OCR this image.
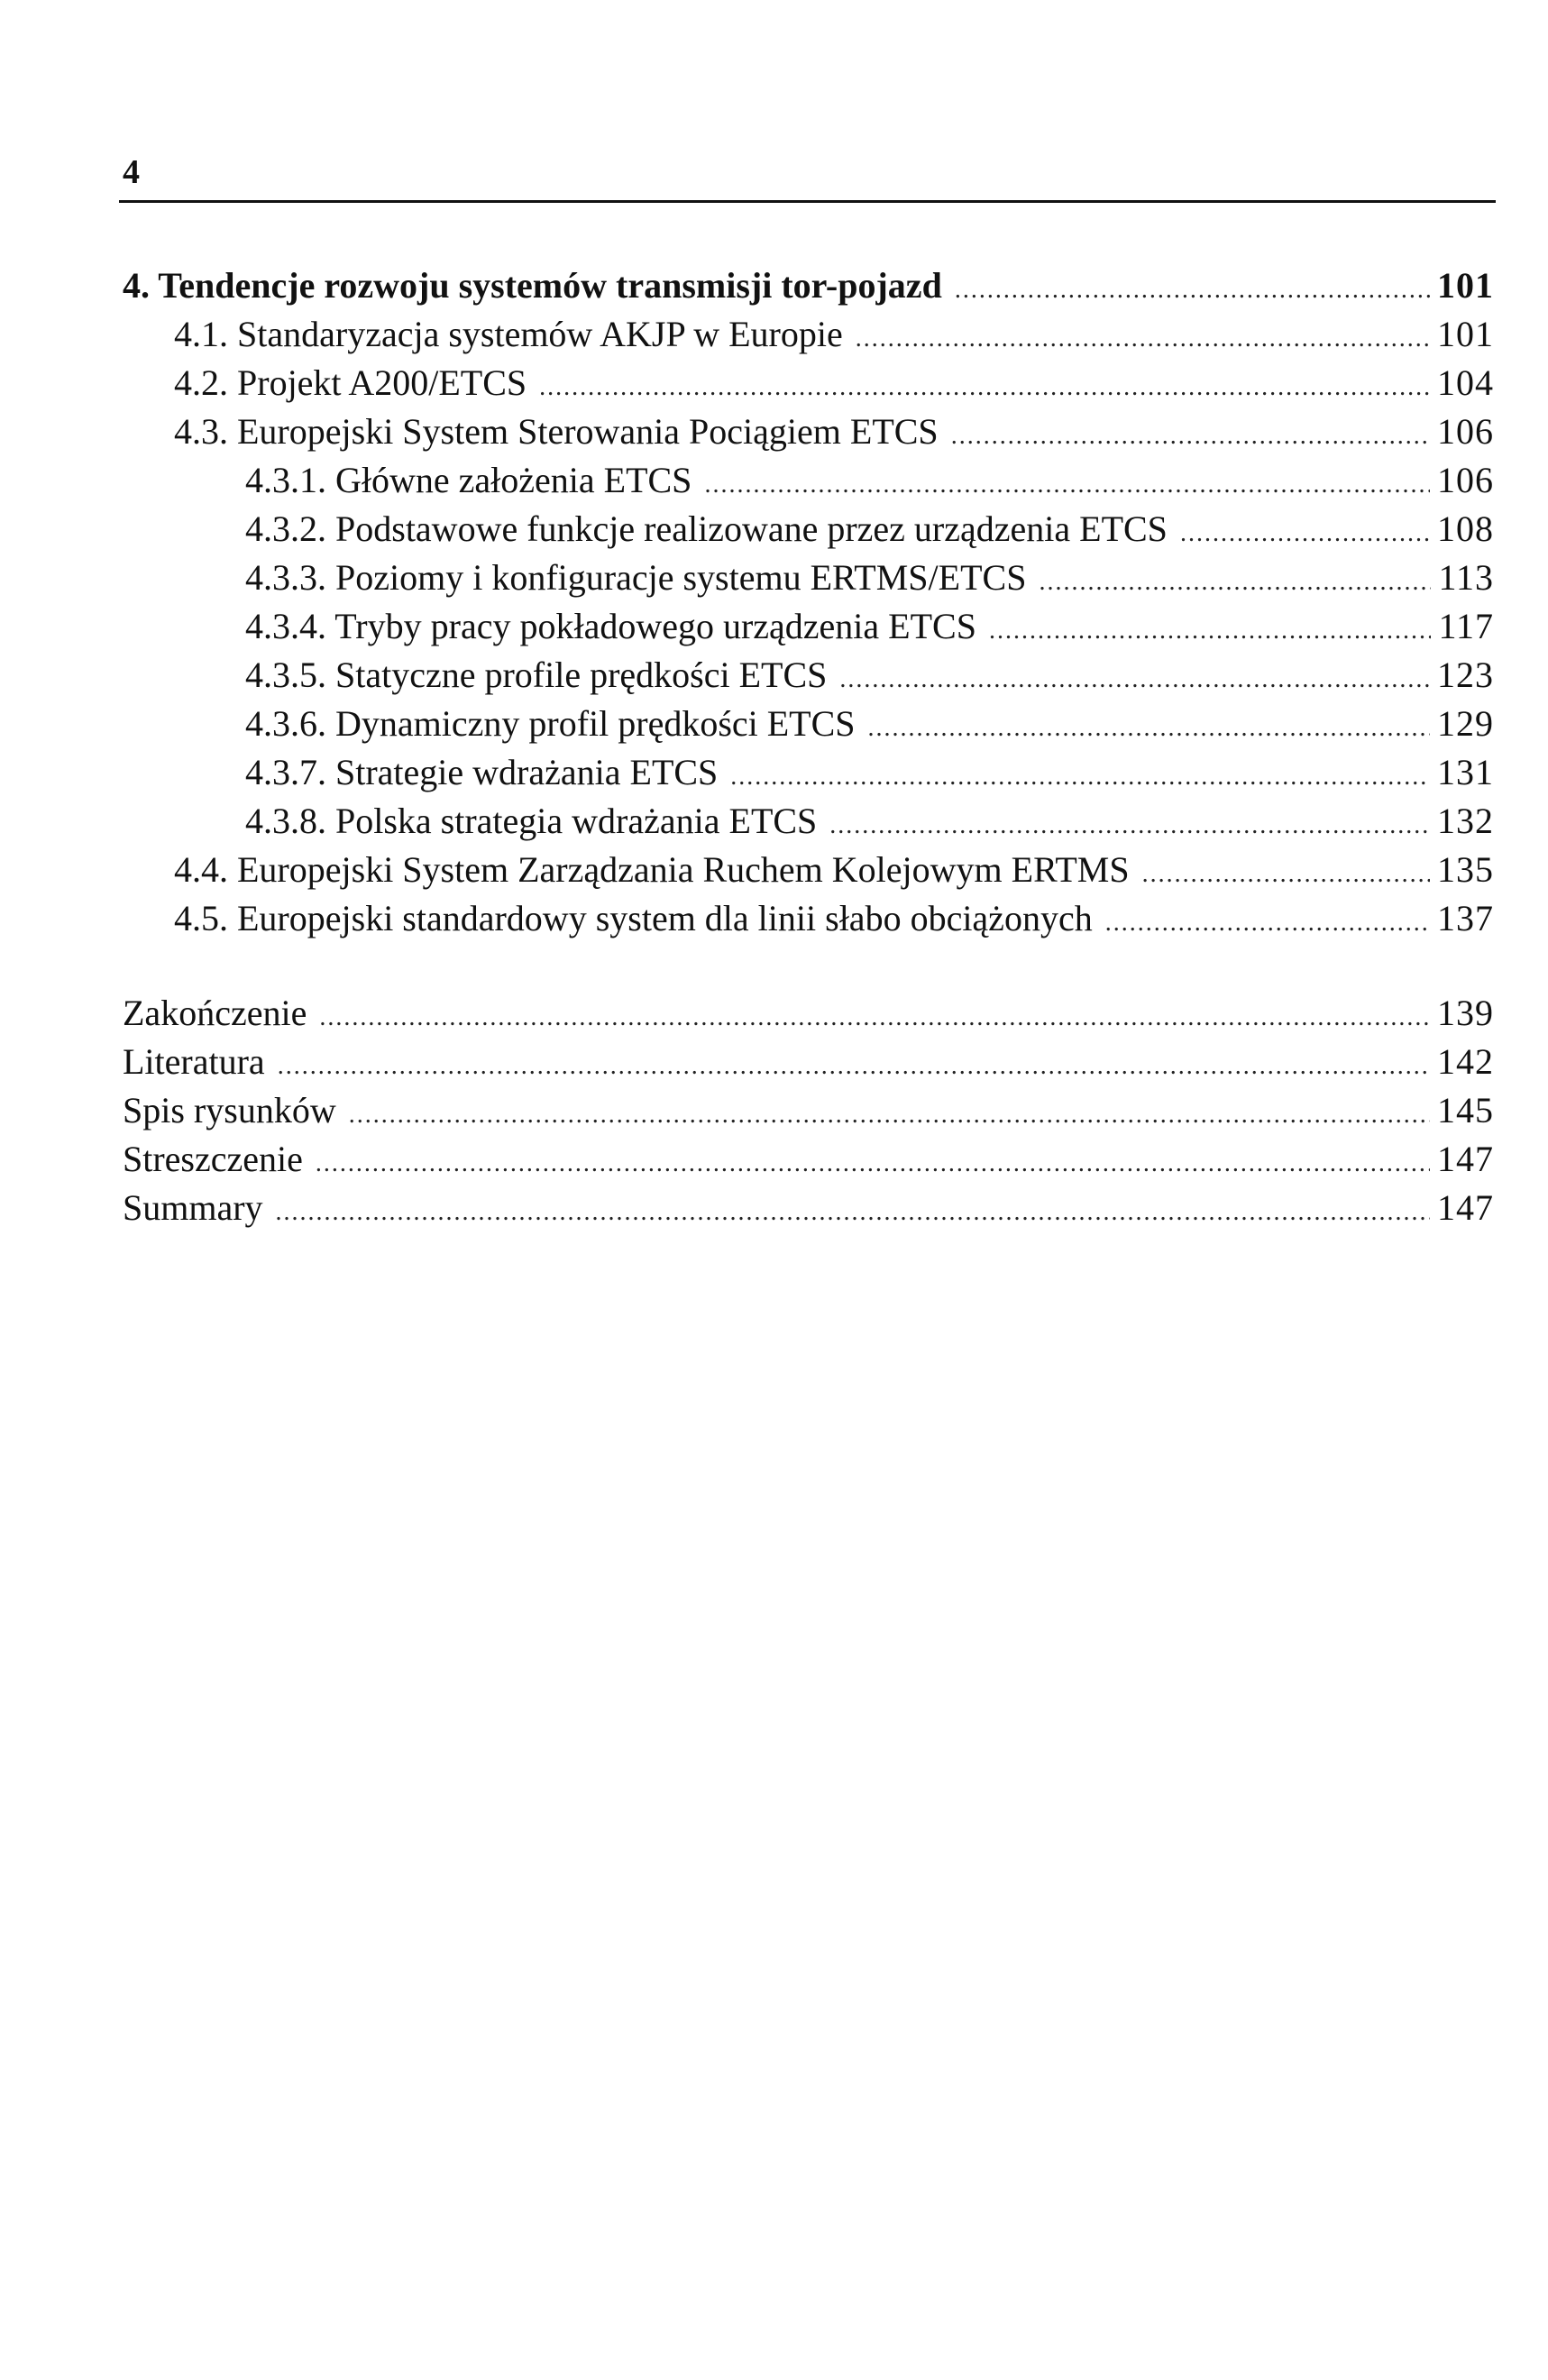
4
4. Tendencje rozwoju systemów transmisji tor-pojazd .....	101
4.1. Standaryzacja systemów AKJP w Europie .....	101
4.2. Projekt A200/ETCS .....	104
4.3. Europejski System Sterowania Pociągiem ETCS .....	106
4.3.1. Główne założenia ETCS .....	106
4.3.2. Podstawowe funkcje realizowane przez urządzenia ETCS .....	108
4.3.3. Poziomy i konfiguracje systemu ERTMS/ETCS .....	113
4.3.4. Tryby pracy pokładowego urządzenia ETCS .....	117
4.3.5. Statyczne profile prędkości ETCS .....	123
4.3.6. Dynamiczny profil prędkości ETCS .....	129
4.3.7. Strategie wdrażania ETCS .....	131
4.3.8. Polska strategia wdrażania ETCS .....	132
4.4. Europejski System Zarządzania Ruchem Kolejowym ERTMS .....	135
4.5. Europejski standardowy system dla linii słabo obciążonych .....	137
Zakończenie .....	139
Literatura .....	142
Spis rysunków .....	145
Streszczenie .....	147
Summary .....	147
